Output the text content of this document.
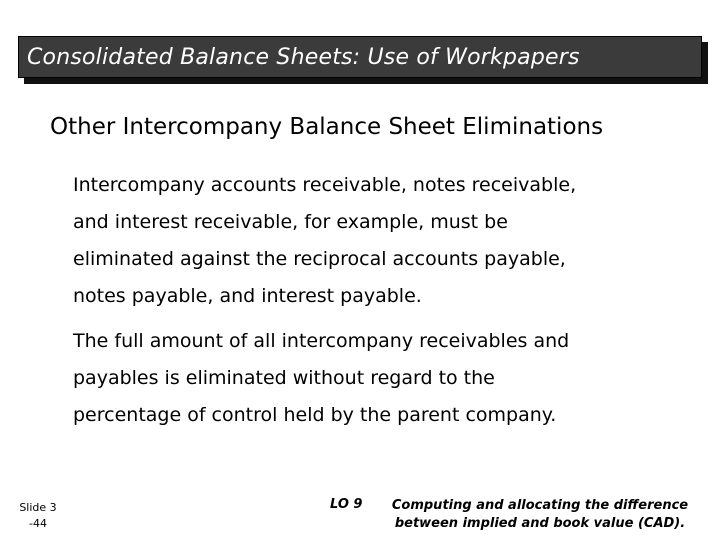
Consolidated Balance Sheets: Use of Workpapers
Other Intercompany Balance Sheet Eliminations

Intercompany accounts receivable, notes receivable,
and interest receivable, for example, must be
eliminated against the reciprocal accounts payable,
notes payable, and interest payable.

The full amount of all intercompany receivables and
payables is eliminated without regard to the
percentage of control held by the parent company.

Slide 3
-44
LO 9	Computing and allocating the difference
between implied and book value (CAD).
